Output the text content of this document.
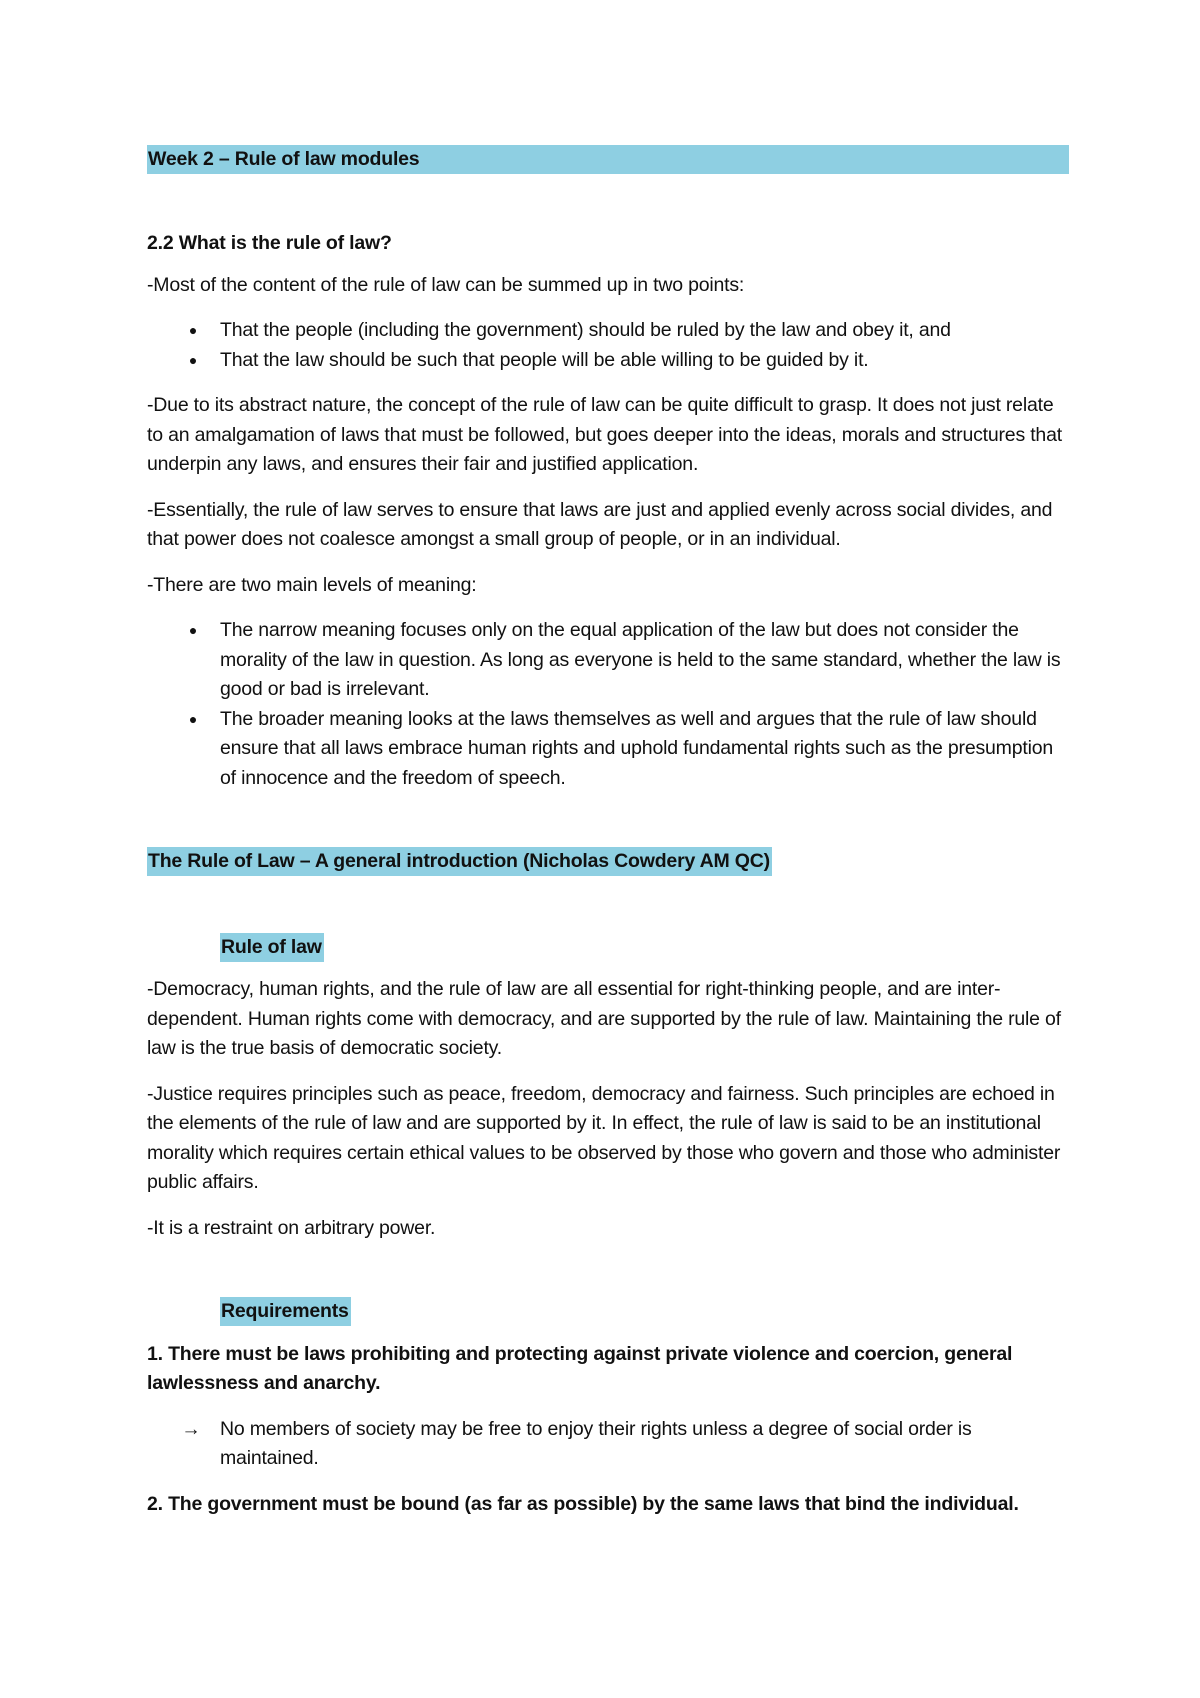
Week 2 – Rule of law modules

2.2 What is the rule of law?

-Most of the content of the rule of law can be summed up in two points:

●	That the people (including the government) should be ruled by the law and obey it, and
●	That the law should be such that people will be able willing to be guided by it.

-Due to its abstract nature, the concept of the rule of law can be quite difficult to grasp. It does not just relate to an amalgamation of laws that must be followed, but goes deeper into the ideas, morals and structures that underpin any laws, and ensures their fair and justified application.

-Essentially, the rule of law serves to ensure that laws are just and applied evenly across social divides, and that power does not coalesce amongst a small group of people, or in an individual.

-There are two main levels of meaning:

●	The narrow meaning focuses only on the equal application of the law but does not consider the morality of the law in question. As long as everyone is held to the same standard, whether the law is good or bad is irrelevant.
●	The broader meaning looks at the laws themselves as well and argues that the rule of law should ensure that all laws embrace human rights and uphold fundamental rights such as the presumption of innocence and the freedom of speech.
The Rule of Law – A general introduction (Nicholas Cowdery AM QC)
Rule of law

-Democracy, human rights, and the rule of law are all essential for right-thinking people, and are inter-dependent. Human rights come with democracy, and are supported by the rule of law. Maintaining the rule of law is the true basis of democratic society.

-Justice requires principles such as peace, freedom, democracy and fairness. Such principles are echoed in the elements of the rule of law and are supported by it. In effect, the rule of law is said to be an institutional morality which requires certain ethical values to be observed by those who govern and those who administer public affairs.

-It is a restraint on arbitrary power.

Requirements

1. There must be laws prohibiting and protecting against private violence and coercion, general lawlessness and anarchy.

→ No members of society may be free to enjoy their rights unless a degree of social order is maintained.

2. The government must be bound (as far as possible) by the same laws that bind the individual.
